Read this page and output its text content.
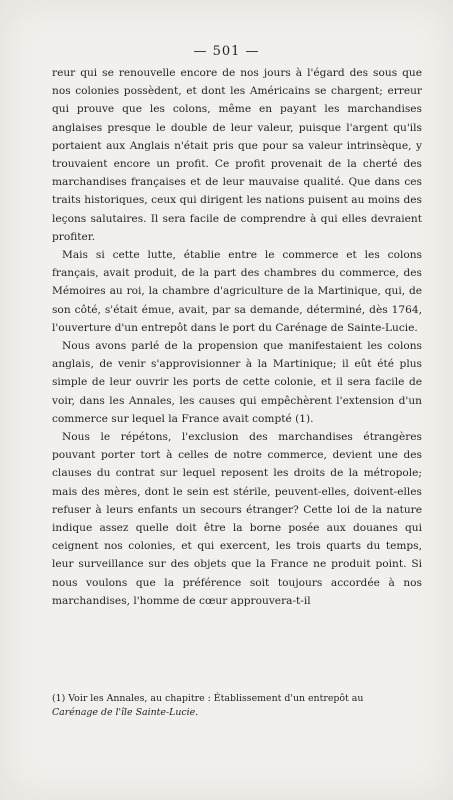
— 501 —

reur qui se renouvelle encore de nos jours à l'égard des sous que nos colonies possèdent, et dont les Américains se chargent; erreur qui prouve que les colons, même en payant les marchandises anglaises presque le double de leur valeur, puisque l'argent qu'ils portaient aux Anglais n'était pris que pour sa valeur intrinsèque, y trouvaient encore un profit. Ce profit provenait de la cherté des marchandises françaises et de leur mauvaise qualité. Que dans ces traits historiques, ceux qui dirigent les nations puisent au moins des leçons salutaires. Il sera facile de comprendre à qui elles devraient profiter.

Mais si cette lutte, établie entre le commerce et les colons français, avait produit, de la part des chambres du commerce, des Mémoires au roi, la chambre d'agriculture de la Martinique, qui, de son côté, s'était émue, avait, par sa demande, déterminé, dès 1764, l'ouverture d'un entrepôt dans le port du Carénage de Sainte-Lucie.

Nous avons parlé de la propension que manifestaient les colons anglais, de venir s'approvisionner à la Martinique; il eût été plus simple de leur ouvrir les ports de cette colonie, et il sera facile de voir, dans les Annales, les causes qui empêchèrent l'extension d'un commerce sur lequel la France avait compté (1).

Nous le répétons, l'exclusion des marchandises étrangères pouvant porter tort à celles de notre commerce, devient une des clauses du contrat sur lequel reposent les droits de la métropole; mais des mères, dont le sein est stérile, peuvent-elles, doivent-elles refuser à leurs enfants un secours étranger? Cette loi de la nature indique assez quelle doit être la borne posée aux douanes qui ceignent nos colonies, et qui exercent, les trois quarts du temps, leur surveillance sur des objets que la France ne produit point. Si nous voulons que la préférence soit toujours accordée à nos marchandises, l'homme de cœur approuvera-t-il

(1) Voir les Annales, au chapitre : Établissement d'un entrepôt au
Carénage de l'île Sainte-Lucie.
